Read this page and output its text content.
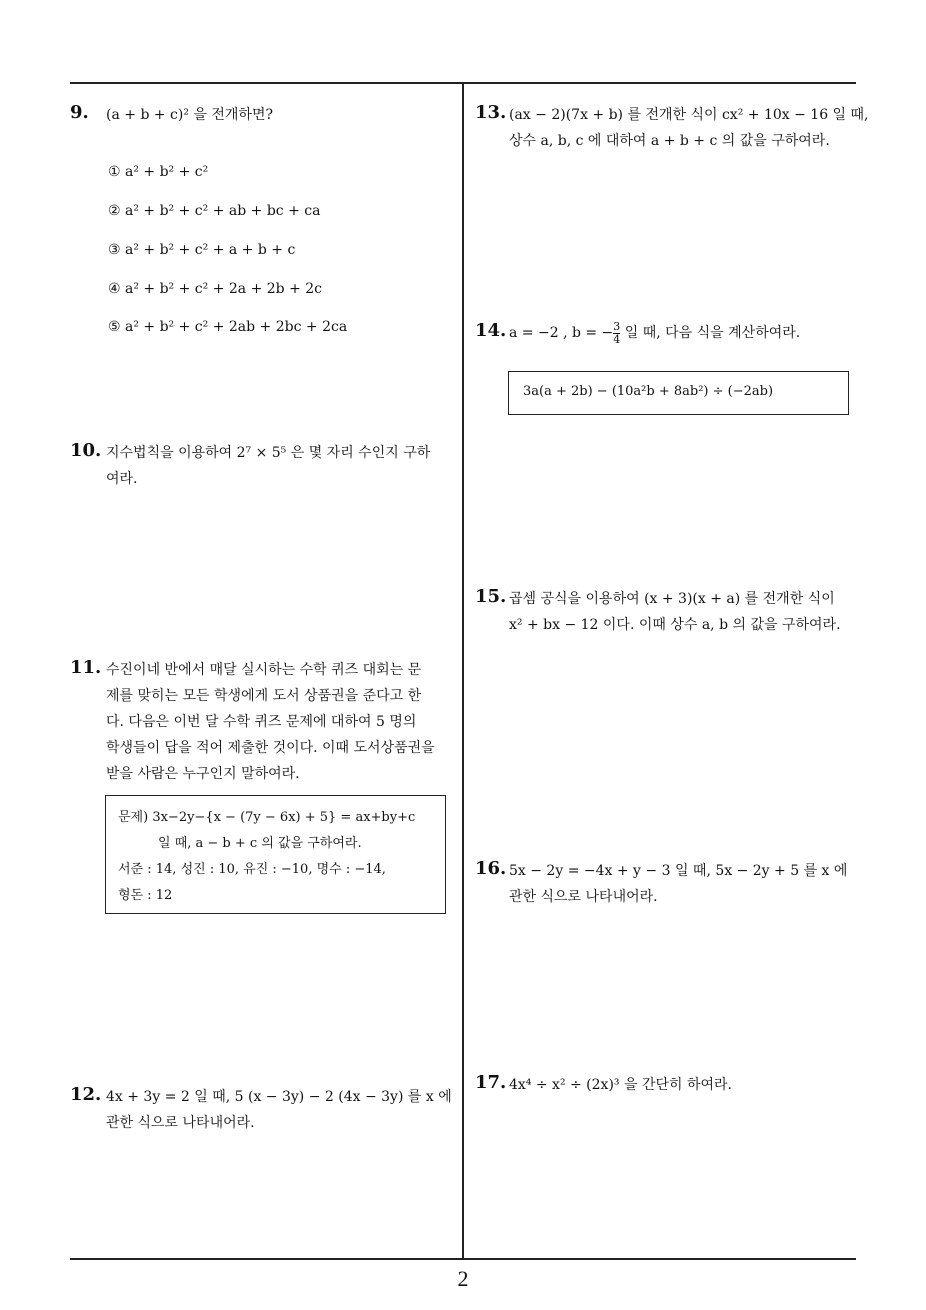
9. (a + b + c)² 을 전개하면?
① a² + b² + c²
② a² + b² + c² + ab + bc + ca
③ a² + b² + c² + a + b + c
④ a² + b² + c² + 2a + 2b + 2c
⑤ a² + b² + c² + 2ab + 2bc + 2ca
10. 지수법칙을 이용하여 2⁷ × 5⁵ 은 몇 자리 수인지 구하
여라.
11. 수진이네 반에서 매달 실시하는 수학 퀴즈 대회는 문
제를 맞히는 모든 학생에게 도서 상품권을 준다고 한
다. 다음은 이번 달 수학 퀴즈 문제에 대하여 5 명의
학생들이 답을 적어 제출한 것이다. 이때 도서상품권을
받을 사람은 누구인지 말하여라.
문제) 3x−2y−{x − (7y − 6x) + 5} = ax+by+c
일 때, a − b + c 의 값을 구하여라.
서준 : 14, 성진 : 10, 유진 : −10, 명수 : −14,
형돈 : 12
12. 4x + 3y = 2 일 때, 5 (x − 3y) − 2 (4x − 3y) 를 x 에
관한 식으로 나타내어라.
13. (ax − 2)(7x + b) 를 전개한 식이 cx² + 10x − 16 일 때,
상수 a, b, c 에 대하여 a + b + c 의 값을 구하여라.
14. a = −2 , b = − $\frac{3}{4}$ 일 때, 다음 식을 계산하여라.
3a(a + 2b) − (10a²b + 8ab²) ÷ (−2ab)
15. 곱셈 공식을 이용하여 (x + 3)(x + a) 를 전개한 식이
x² + bx − 12 이다. 이때 상수 a, b 의 값을 구하여라.
16. 5x − 2y = −4x + y − 3 일 때, 5x − 2y + 5 를 x 에
관한 식으로 나타내어라.
17. 4x⁴ ÷ x² ÷ (2x)³ 을 간단히 하여라.
2
